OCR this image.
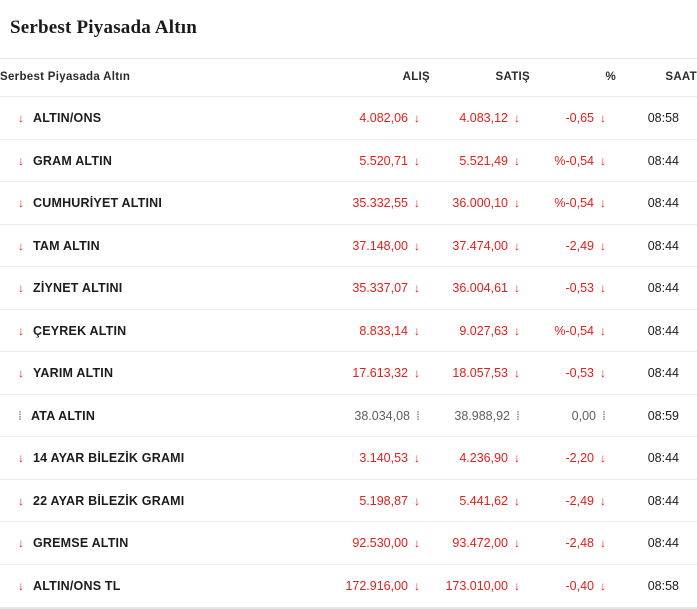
Serbest Piyasada Altın
Serbest Piyasada Altın	ALIŞ	SATIŞ	%	SAAT

↓ ALTIN/ONS	4.082,06 ↓	4.083,12 ↓	-0,65 ↓	08:58

↓ GRAM ALTIN	5.520,71 ↓	5.521,49 ↓	%-0,54 ↓	08:44

↓ CUMHURİYET ALTINI	35.332,55 ↓	36.000,10 ↓	%-0,54 ↓	08:44

↓ TAM ALTIN	37.148,00 ↓	37.474,00 ↓	-2,49 ↓	08:44

↓ ZİYNET ALTINI	35.337,07 ↓	36.004,61 ↓	-0,53 ↓	08:44

↓ ÇEYREK ALTIN	8.833,14 ↓	9.027,63 ↓	%-0,54 ↓	08:44

↓ YARIM ALTIN	17.613,32 ↓	18.057,53 ↓	-0,53 ↓	08:44

⁞ ATA ALTIN	38.034,08 ⁞	38.988,92 ⁞	0,00 ⁞	08:59

↓ 14 AYAR BİLEZİK GRAMI	3.140,53 ↓	4.236,90 ↓	-2,20 ↓	08:44

↓ 22 AYAR BİLEZİK GRAMI	5.198,87 ↓	5.441,62 ↓	-2,49 ↓	08:44

↓ GREMSE ALTIN	92.530,00 ↓	93.472,00 ↓	-2,48 ↓	08:44

↓ ALTIN/ONS TL	172.916,00 ↓	173.010,00 ↓	-0,40 ↓	08:58
